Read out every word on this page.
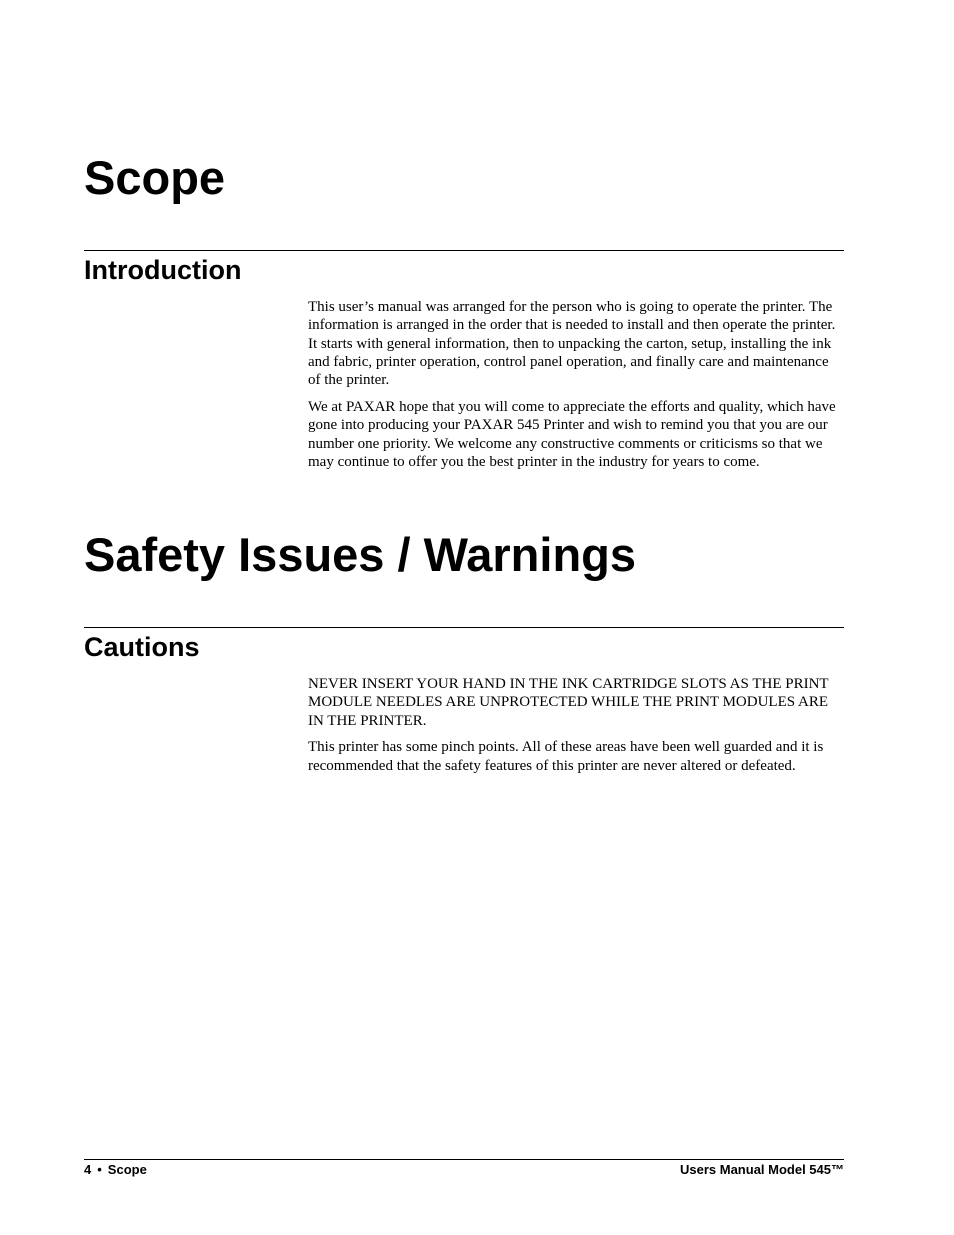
Scope
Introduction

This user’s manual was arranged for the person who is going to operate the printer. The information is arranged in the order that is needed to install and then operate the printer. It starts with general information, then to unpacking the carton, setup, installing the ink and fabric, printer operation, control panel operation, and finally care and maintenance of the printer.

We at PAXAR hope that you will come to appreciate the efforts and quality, which have gone into producing your PAXAR 545 Printer and wish to remind you that you are our number one priority. We welcome any constructive comments or criticisms so that we may continue to offer you the best printer in the industry for years to come.

Safety Issues / Warnings
Cautions

NEVER INSERT YOUR HAND IN THE INK CARTRIDGE SLOTS AS THE PRINT MODULE NEEDLES ARE UNPROTECTED WHILE THE PRINT MODULES ARE IN THE PRINTER.

This printer has some pinch points. All of these areas have been well guarded and it is recommended that the safety features of this printer are never altered or defeated.

4 • Scope	Users Manual Model 545™
